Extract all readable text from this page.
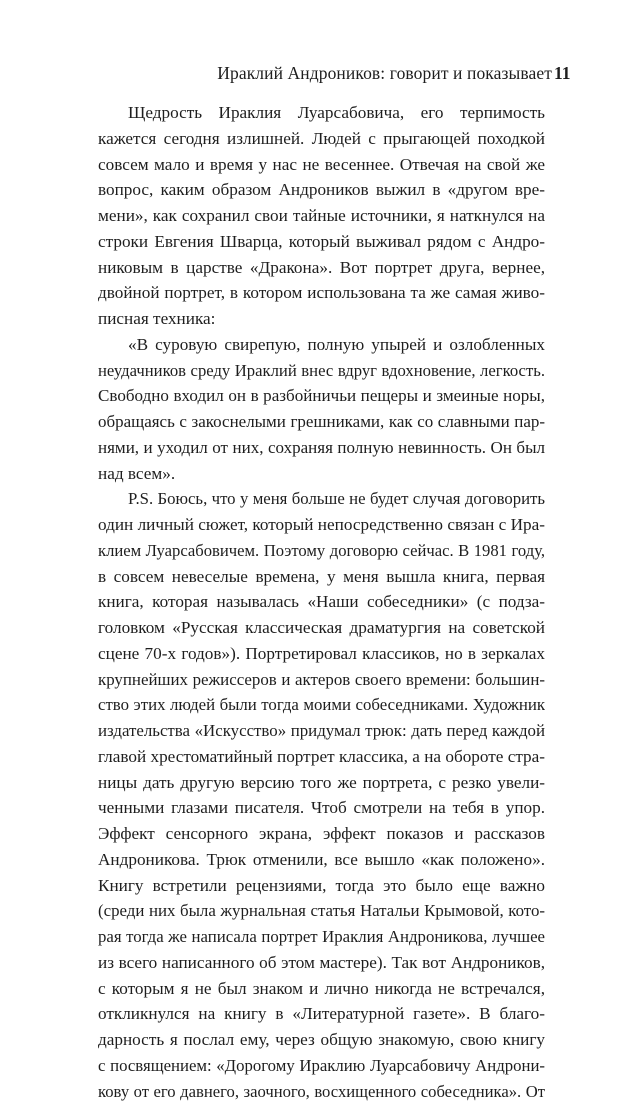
Ираклий Андроников: говорит и показывает 11
Щедрость Ираклия Луарсабовича, его терпимость
кажется сегодня излишней. Людей с прыгающей походкой
совсем мало и время у нас не весеннее. Отвечая на свой же
вопрос, каким образом Андроников выжил в «другом вре-
мени», как сохранил свои тайные источники, я наткнулся на
строки Евгения Шварца, который выживал рядом с Андро-
никовым в царстве «Дракона». Вот портрет друга, вернее,
двойной портрет, в котором использована та же самая живо-
писная техника:
«В суровую свирепую, полную упырей и озлобленных
неудачников среду Ираклий внес вдруг вдохновение, легкость.
Свободно входил он в разбойничьи пещеры и змеиные норы,
обращаясь с закоснелыми грешниками, как со славными пар-
нями, и уходил от них, сохраняя полную невинность. Он был
над всем».
P.S. Боюсь, что у меня больше не будет случая договорить
один личный сюжет, который непосредственно связан с Ира-
клием Луарсабовичем. Поэтому договорю сейчас. В 1981 году,
в совсем невеселые времена, у меня вышла книга, первая
книга, которая называлась «Наши собеседники» (с подза-
головком «Русская классическая драматургия на советской
сцене 70-х годов»). Портретировал классиков, но в зеркалах
крупнейших режиссеров и актеров своего времени: большин-
ство этих людей были тогда моими собеседниками. Художник
издательства «Искусство» придумал трюк: дать перед каждой
главой хрестоматийный портрет классика, а на обороте стра-
ницы дать другую версию того же портрета, с резко увели-
ченными глазами писателя. Чтоб смотрели на тебя в упор.
Эффект сенсорного экрана, эффект показов и рассказов
Андроникова. Трюк отменили, все вышло «как положено».
Книгу встретили рецензиями, тогда это было еще важно
(среди них была журнальная статья Натальи Крымовой, кото-
рая тогда же написала портрет Ираклия Андроникова, лучшее
из всего написанного об этом мастере). Так вот Андроников,
с которым я не был знаком и лично никогда не встречался,
откликнулся на книгу в «Литературной газете». В благо-
дарность я послал ему, через общую знакомую, свою книгу
с посвящением: «Дорогому Ираклию Луарсабовичу Андрони-
кову от его давнего, заочного, восхищенного собеседника». От
